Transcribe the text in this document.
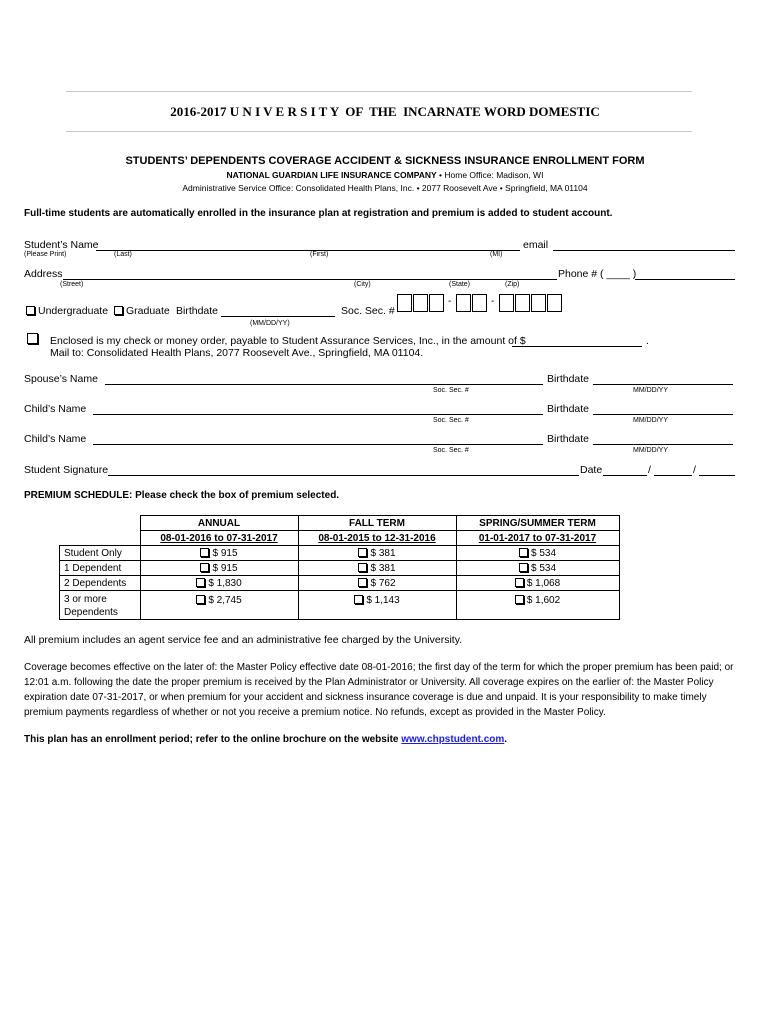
2016-2017 U N I V E R S I T Y  OF  THE  INCARNATE WORD DOMESTIC
STUDENTS’ DEPENDENTS COVERAGE ACCIDENT & SICKNESS INSURANCE ENROLLMENT FORM
NATIONAL GUARDIAN LIFE INSURANCE COMPANY • Home Office: Madison, WI
Administrative Service Office: Consolidated Health Plans, Inc. • 2077 Roosevelt Ave • Springfield, MA 01104
Full-time students are automatically enrolled in the insurance plan at registration and premium is added to student account.
Student’s Name	email
(Please Print)	(Last)	(First)	(MI)
Address	Phone # ( ____ )
(Street)	(City)	(State)	(Zip)
Undergraduate Graduate Birthdate
(MM/DD/YY)
Soc. Sec. #
-	-
Enclosed is my check or money order, payable to Student Assurance Services, Inc., in the amount of $	.
Mail to: Consolidated Health Plans, 2077 Roosevelt Ave., Springfield, MA 01104.
Spouse’s Name	Birthdate
Soc. Sec. #	MM/DD/YY
Child’s Name	Birthdate
Soc. Sec. #	MM/DD/YY
Child’s Name	Birthdate
Soc. Sec. #	MM/DD/YY
Student Signature	Date	/	/
PREMIUM SCHEDULE: Please check the box of premium selected.
	ANNUAL	FALL TERM	SPRING/SUMMER TERM
	08-01-2016 to 07-31-2017	08-01-2015 to 12-31-2016	01-01-2017 to 07-31-2017
Student Only	$ 915	$ 381	$ 534
1 Dependent	$ 915	$ 381	$ 534
2 Dependents	$ 1,830	$ 762	$ 1,068
3 or more
Dependents	$ 2,745	$ 1,143	$ 1,602
All premium includes an agent service fee and an administrative fee charged by the University.
Coverage becomes effective on the later of: the Master Policy effective date 08-01-2016; the first day of the term for which the proper premium has been paid; or 12:01 a.m. following the date the proper premium is received by the Plan Administrator or University. All coverage expires on the earlier of: the Master Policy expiration date 07-31-2017, or when premium for your accident and sickness insurance coverage is due and unpaid. It is your responsibility to make timely premium payments regardless of whether or not you receive a premium notice. No refunds, except as provided in the Master Policy.
This plan has an enrollment period; refer to the online brochure on the website www.chpstudent.com.
